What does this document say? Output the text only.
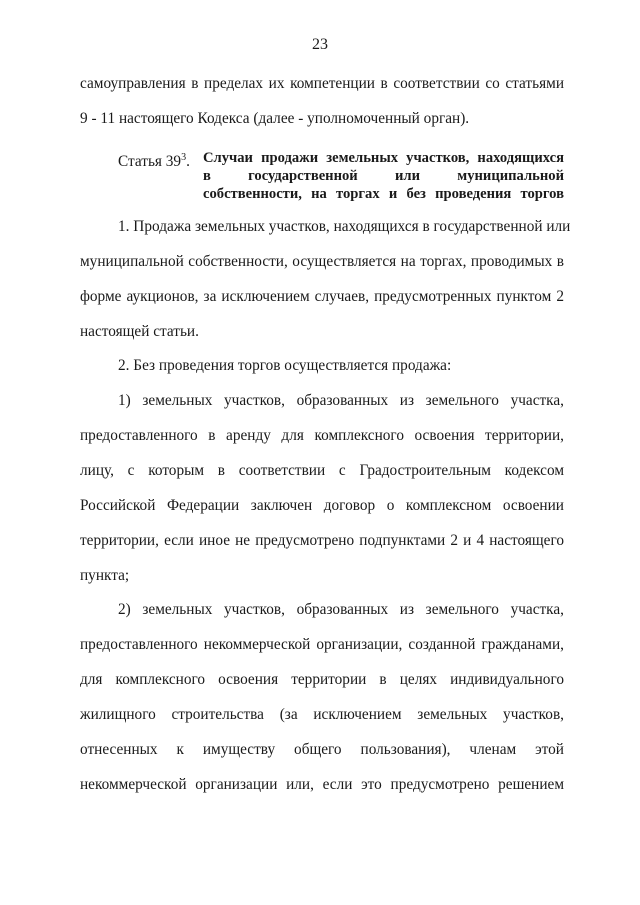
23
самоуправления в пределах их компетенции в соответствии со статьями
9 - 11 настоящего Кодекса (далее - уполномоченный орган).
Статья $39^3$. Случаи продажи земельных участков, находящихся
в государственной или муниципальной
собственности, на торгах и без проведения торгов
1. Продажа земельных участков, находящихся в государственной или
муниципальной собственности, осуществляется на торгах, проводимых в
форме аукционов, за исключением случаев, предусмотренных пунктом 2
настоящей статьи.
2. Без проведения торгов осуществляется продажа:
1) земельных участков, образованных из земельного участка,
предоставленного в аренду для комплексного освоения территории,
лицу, с которым в соответствии с Градостроительным кодексом
Российской Федерации заключен договор о комплексном освоении
территории, если иное не предусмотрено подпунктами 2 и 4 настоящего
пункта;
2) земельных участков, образованных из земельного участка,
предоставленного некоммерческой организации, созданной гражданами,
для комплексного освоения территории в целях индивидуального
жилищного строительства (за исключением земельных участков,
отнесенных к имуществу общего пользования), членам этой
некоммерческой организации или, если это предусмотрено решением
